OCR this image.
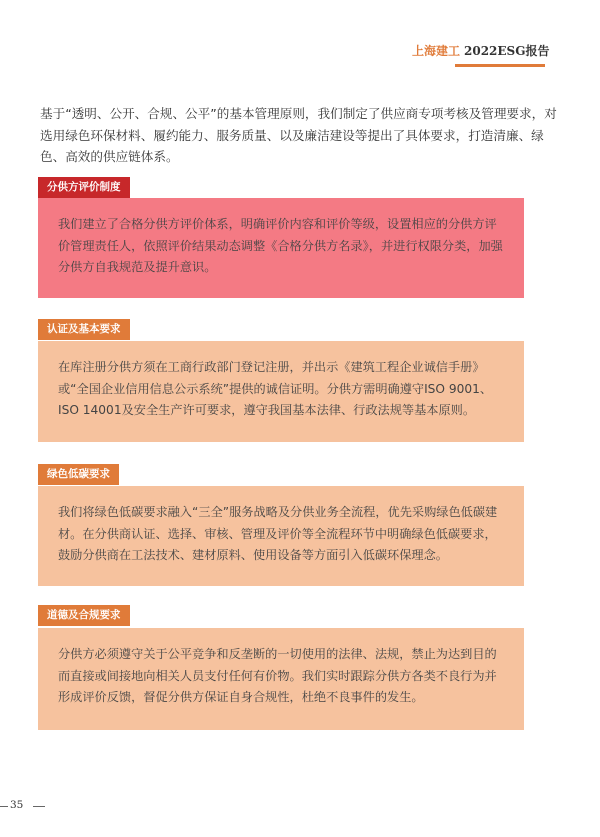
上海建工 2022ESG报告

基于“透明、公开、合规、公平”的基本管理原则，我们制定了供应商专项考核及管理要求，对选用绿色环保材料、履约能力、服务质量、以及廉洁建设等提出了具体要求，打造清廉、绿色、高效的供应链体系。

分供方评价制度

我们建立了合格分供方评价体系，明确评价内容和评价等级，设置相应的分供方评价管理责任人，依照评价结果动态调整《合格分供方名录》，并进行权限分类，加强分供方自我规范及提升意识。

认证及基本要求

在库注册分供方须在工商行政部门登记注册，并出示《建筑工程企业诚信手册》或“全国企业信用信息公示系统”提供的诚信证明。分供方需明确遵守ISO 9001、ISO 14001及安全生产许可要求，遵守我国基本法律、行政法规等基本原则。

绿色低碳要求

我们将绿色低碳要求融入“三全”服务战略及分供业务全流程，优先采购绿色低碳建材。在分供商认证、选择、审核、管理及评价等全流程环节中明确绿色低碳要求，鼓励分供商在工法技术、建材原料、使用设备等方面引入低碳环保理念。

道德及合规要求

分供方必须遵守关于公平竞争和反垄断的一切使用的法律、法规，禁止为达到目的而直接或间接地向相关人员支付任何有价物。我们实时跟踪分供方各类不良行为并形成评价反馈，督促分供方保证自身合规性，杜绝不良事件的发生。

35
